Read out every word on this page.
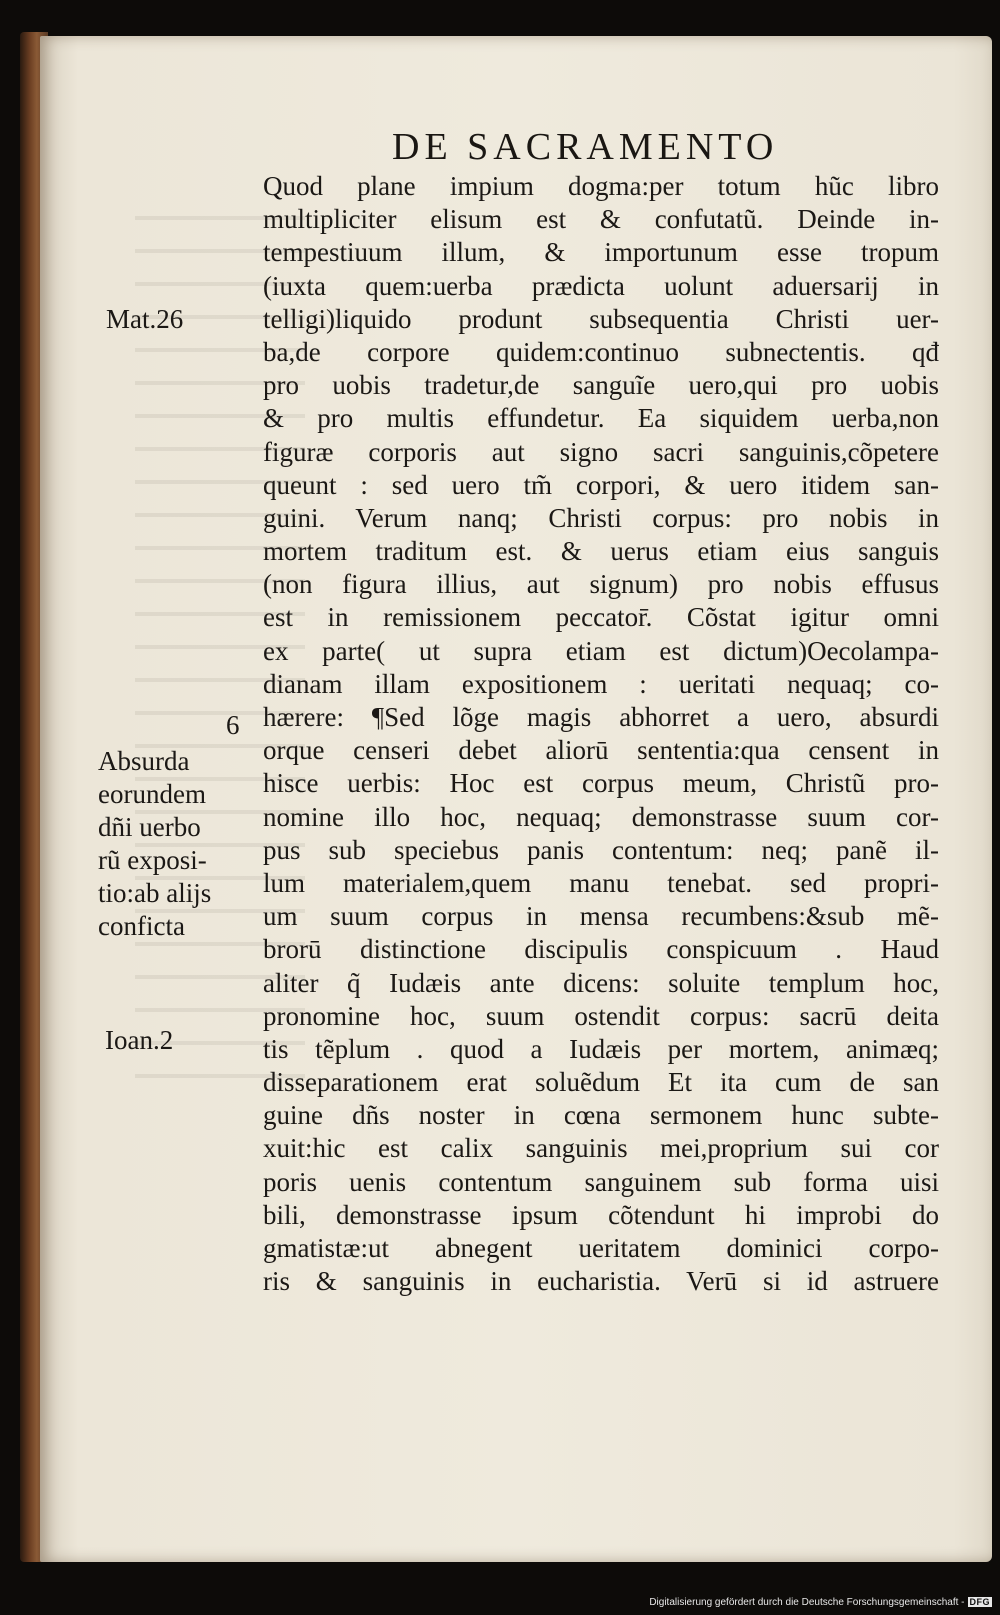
DE SACRAMENTO
Quod plane impium dogma:per totum hũc libro
multipliciter elisum est & confutatũ. Deinde in-
tempestiuum illum, & importunum esse tropum
(iuxta quem:uerba prædicta uolunt aduersarij in
telligi)liquido produnt subsequentia Christi uer-
ba,de corpore quidem:continuo subnectentis. qđ
pro uobis tradetur,de sanguĩe uero,qui pro uobis
& pro multis effundetur. Ea siquidem uerba,non
figuræ corporis aut signo sacri sanguinis,cõpetere
queunt : sed uero tm̃ corpori, & uero itidem san-
guini. Verum nanq; Christi corpus: pro nobis in
mortem traditum est. & uerus etiam eius sanguis
(non figura illius, aut signum) pro nobis effusus
est in remissionem peccator̄. Cõstat igitur omni
ex parte( ut supra etiam est dictum)Oecolampa-
dianam illam expositionem : ueritati nequaq; co-
hærere: ¶Sed lõge magis abhorret a uero, absurdi
orque censeri debet aliorū sententia:qua censent in
hisce uerbis: Hoc est corpus meum, Christũ pro-
nomine illo hoc, nequaq; demonstrasse suum cor-
pus sub speciebus panis contentum: neq; panẽ il-
lum materialem,quem manu tenebat. sed propri-
um suum corpus in mensa recumbens:&sub mẽ-
brorū distinctione discipulis conspicuum . Haud
aliter q̃ Iudæis ante dicens: soluite templum hoc,
pronomine hoc, suum ostendit corpus: sacrū deita
tis tẽplum . quod a Iudæis per mortem, animæq;
disseparationem erat soluẽdum Et ita cum de san
guine dñs noster in cœna sermonem hunc subte-
xuit:hic est calix sanguinis mei,proprium sui cor
poris uenis contentum sanguinem sub forma uisi
bili, demonstrasse ipsum cõtendunt hi improbi do
gmatistæ:ut abnegent ueritatem dominici corpo-
ris & sanguinis in eucharistia. Verū si id astruere
Mat.26
6
Absurda
eorundem
dñi uerbo
rũ exposi-
tio:ab alijs
conficta
Ioan.2
Digitalisierung gefördert durch die Deutsche Forschungsgemeinschaft - DFG
